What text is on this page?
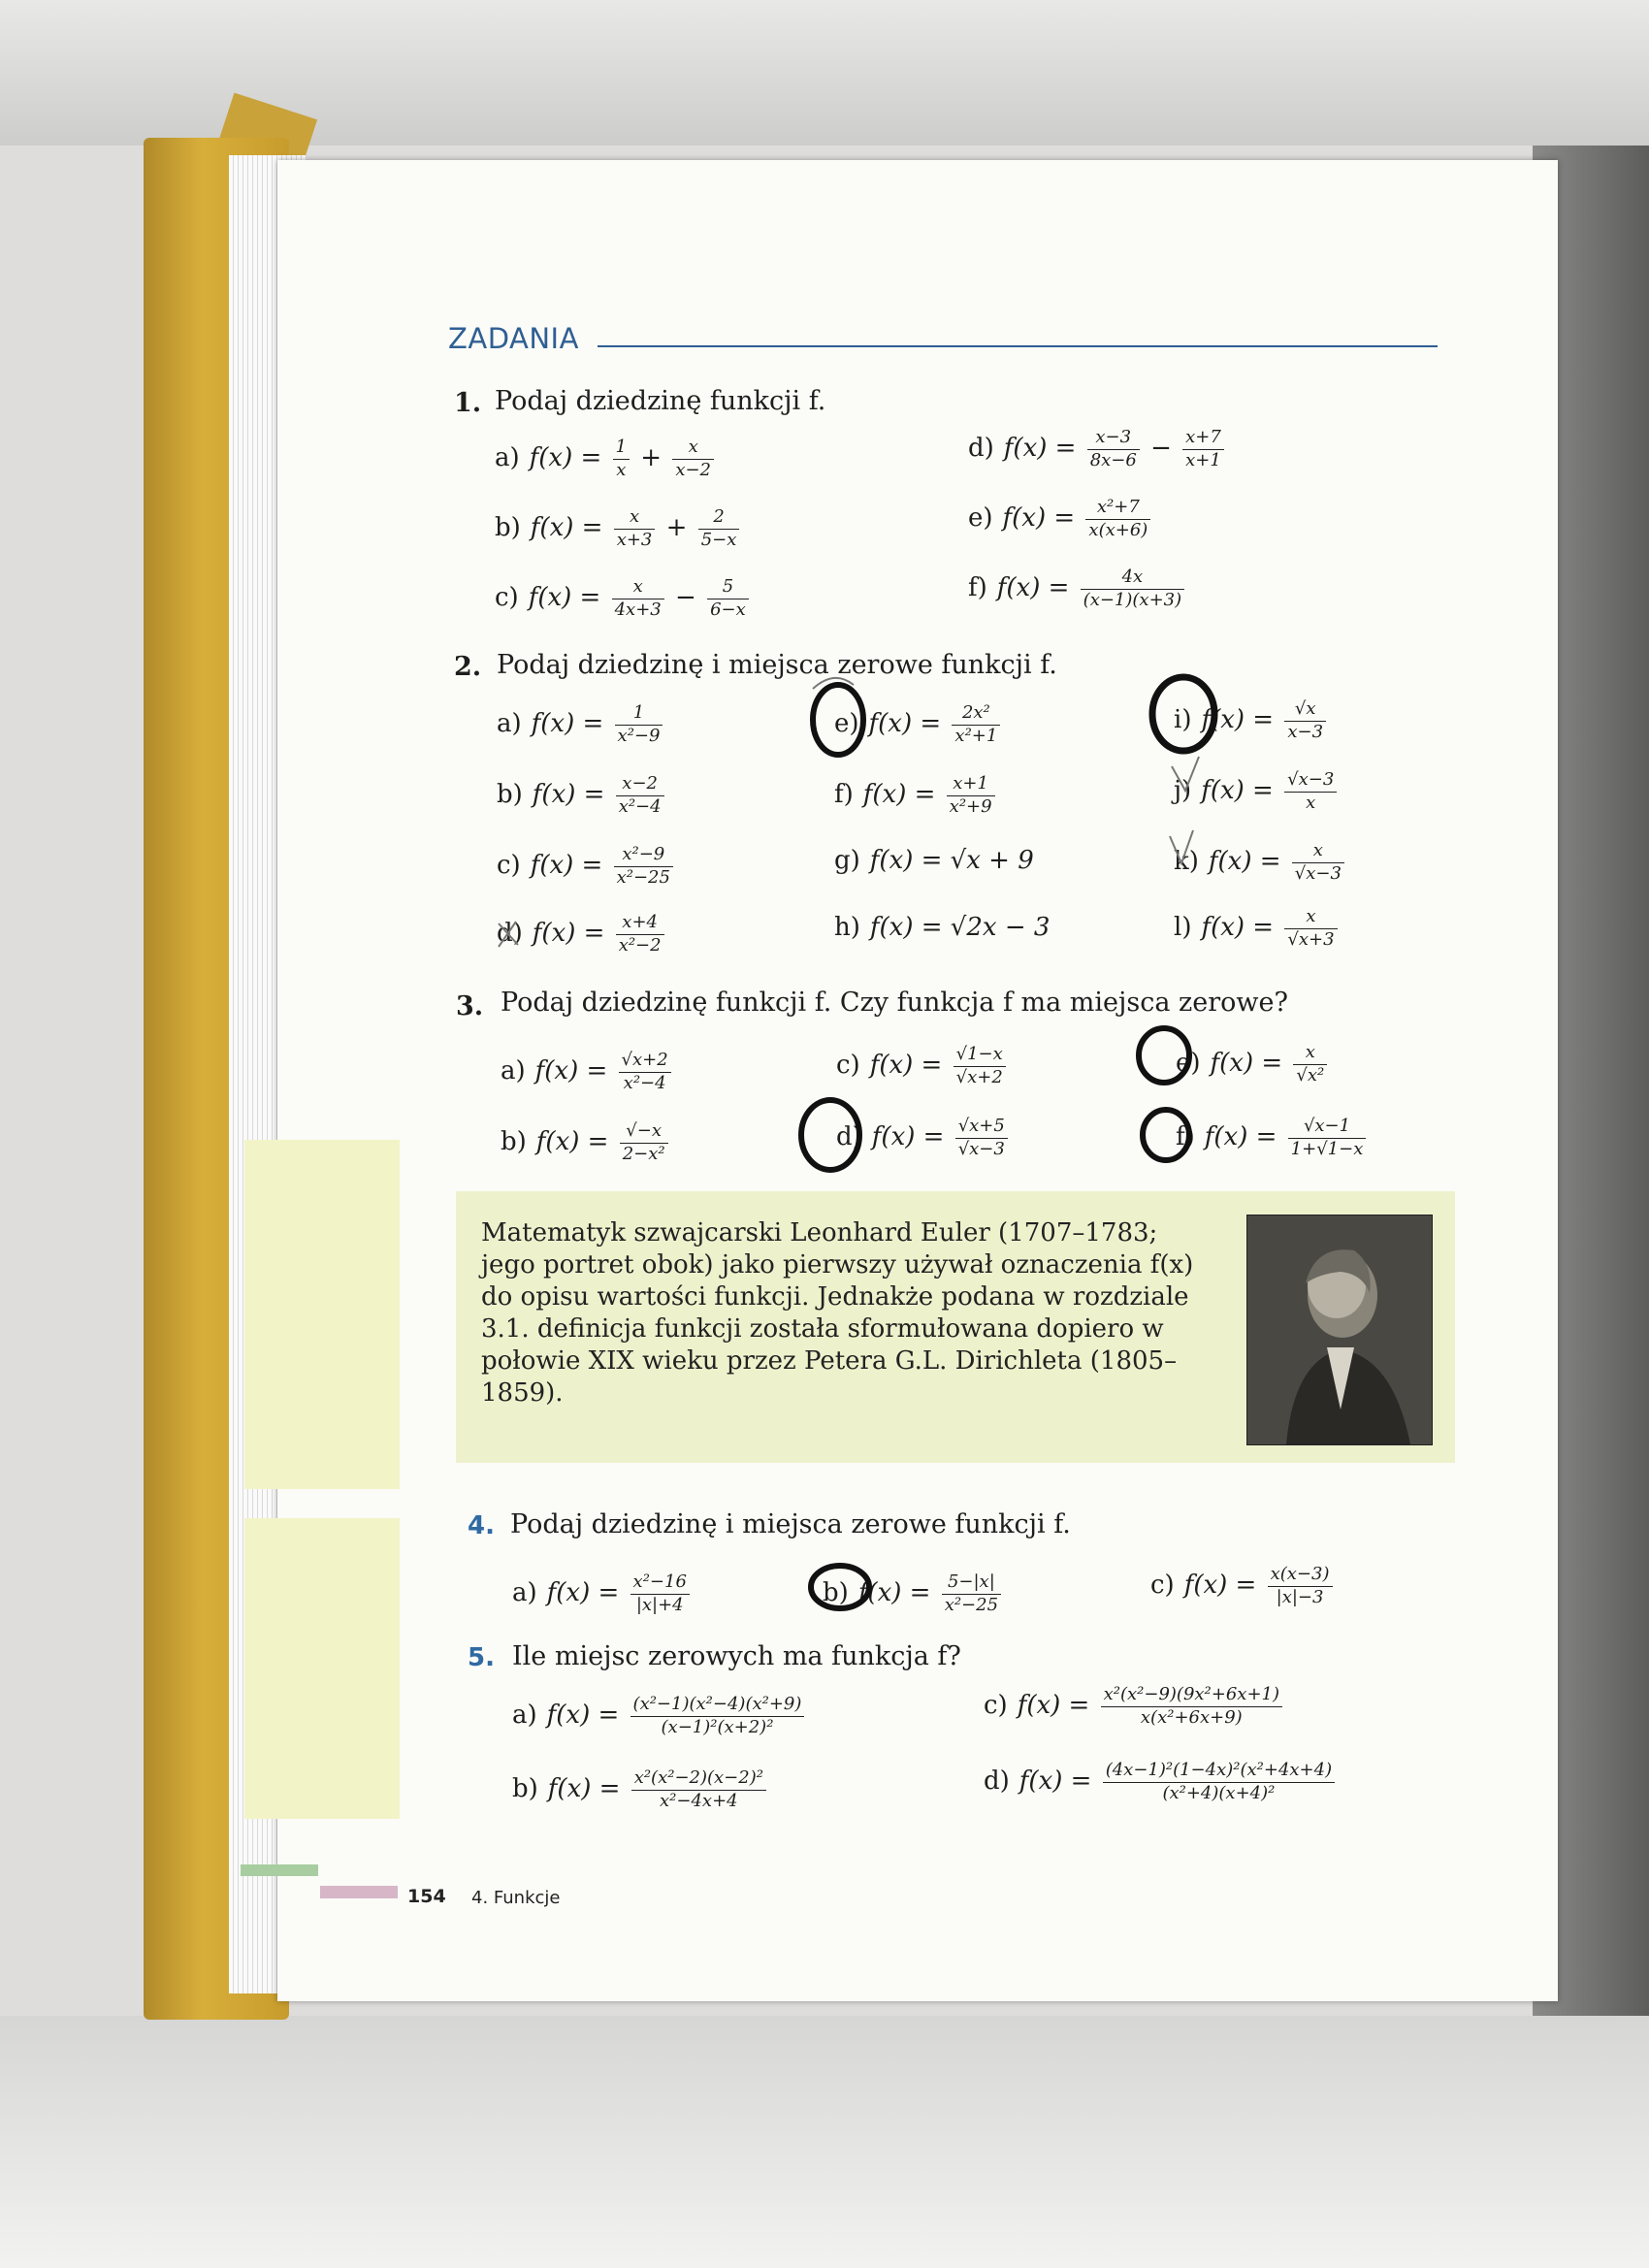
ZADANIA
1. Podaj dziedzinę funkcji f.
a) $f(x) = \frac{1}{x} + \frac{x}{x-2}$
b) $f(x) = \frac{x}{x+3} + \frac{2}{5-x}$
c) $f(x) = \frac{x}{4x+3} - \frac{5}{6-x}$
d) $f(x) = \frac{x-3}{8x-6} - \frac{x+7}{x+1}$
e) $f(x) = \frac{\text{x²+7}}{x(x+6)}$
f) $f(x) = \frac{4x}{(x-1)(x+3)}$
2. Podaj dziedzinę i miejsca zerowe funkcji f.
a) $f(x) = \frac{1}{\text{x²−9}}$
b) $f(x) = \frac{x-2}{\text{x²−4}}$
c) $f(x) = \frac{\text{x²−9}}{\text{x²−25}}$
d) $f(x) = \frac{x+4}{\text{x²−2}}$
e) $f(x) = \frac{\text{2x²}}{\text{x²+1}}$
f) $f(x) = \frac{x+1}{\text{x²+9}}$
g) f(x) = √x + 9
h) f(x) = √2x − 3
i) $f(x) = \frac{√x}{x-3}$
j) $f(x) = \frac{√x-3}{x}$
k) $f(x) = \frac{x}{√x-3}$
l) $f(x) = \frac{x}{√x+3}$
3. Podaj dziedzinę funkcji f. Czy funkcja f ma miejsca zerowe?
a) $f(x) = \frac{√x+2}{\text{x²−4}}$
b) $f(x) = \frac{√-x}{\text{2−x²}}$
c) $f(x) = \frac{√1-x}{√x+2}$
d) $f(x) = \frac{√x+5}{√x-3}$
e) $f(x) = \frac{x}{\text{√x²}}$
f) $f(x) = \frac{√x-1}{1+√1-x}$
Matematyk szwajcarski Leonhard Euler (1707–1783; jego portret obok) jako pierwszy używał oznaczenia f(x) do opisu wartości funkcji. Jednakże podana w rozdziale 3.1. definicja funkcji została sformułowana dopiero w połowie XIX wieku przez Petera G.L. Dirichleta (1805–1859).
4. Podaj dziedzinę i miejsca zerowe funkcji f.
a) $f(x) = \frac{\text{x²−16}}{|x|+4}$	b) $f(x) = \frac{5-|x|}{\text{x²−25}}$	c) $f(x) = \frac{x(x-3)}{|x|-3}$
5. Ile miejsc zerowych ma funkcja f?
a) $f(x) = \frac{\text{(x²−1)(x²−4)(x²+9)}}{\text{(x−1)²(x+2)²}}$
b) $f(x) = \frac{\text{x²(x²−2)(x−2)²}}{\text{x²−4x+4}}$
c) $f(x) = \frac{\text{x²(x²−9)(9x²+6x+1)}}{\text{x(x²+6x+9)}}$
d) $f(x) = \frac{\text{(4x−1)²(1−4x)²(x²+4x+4)}}{\text{(x²+4)(x+4)²}}$
154 4. Funkcje
